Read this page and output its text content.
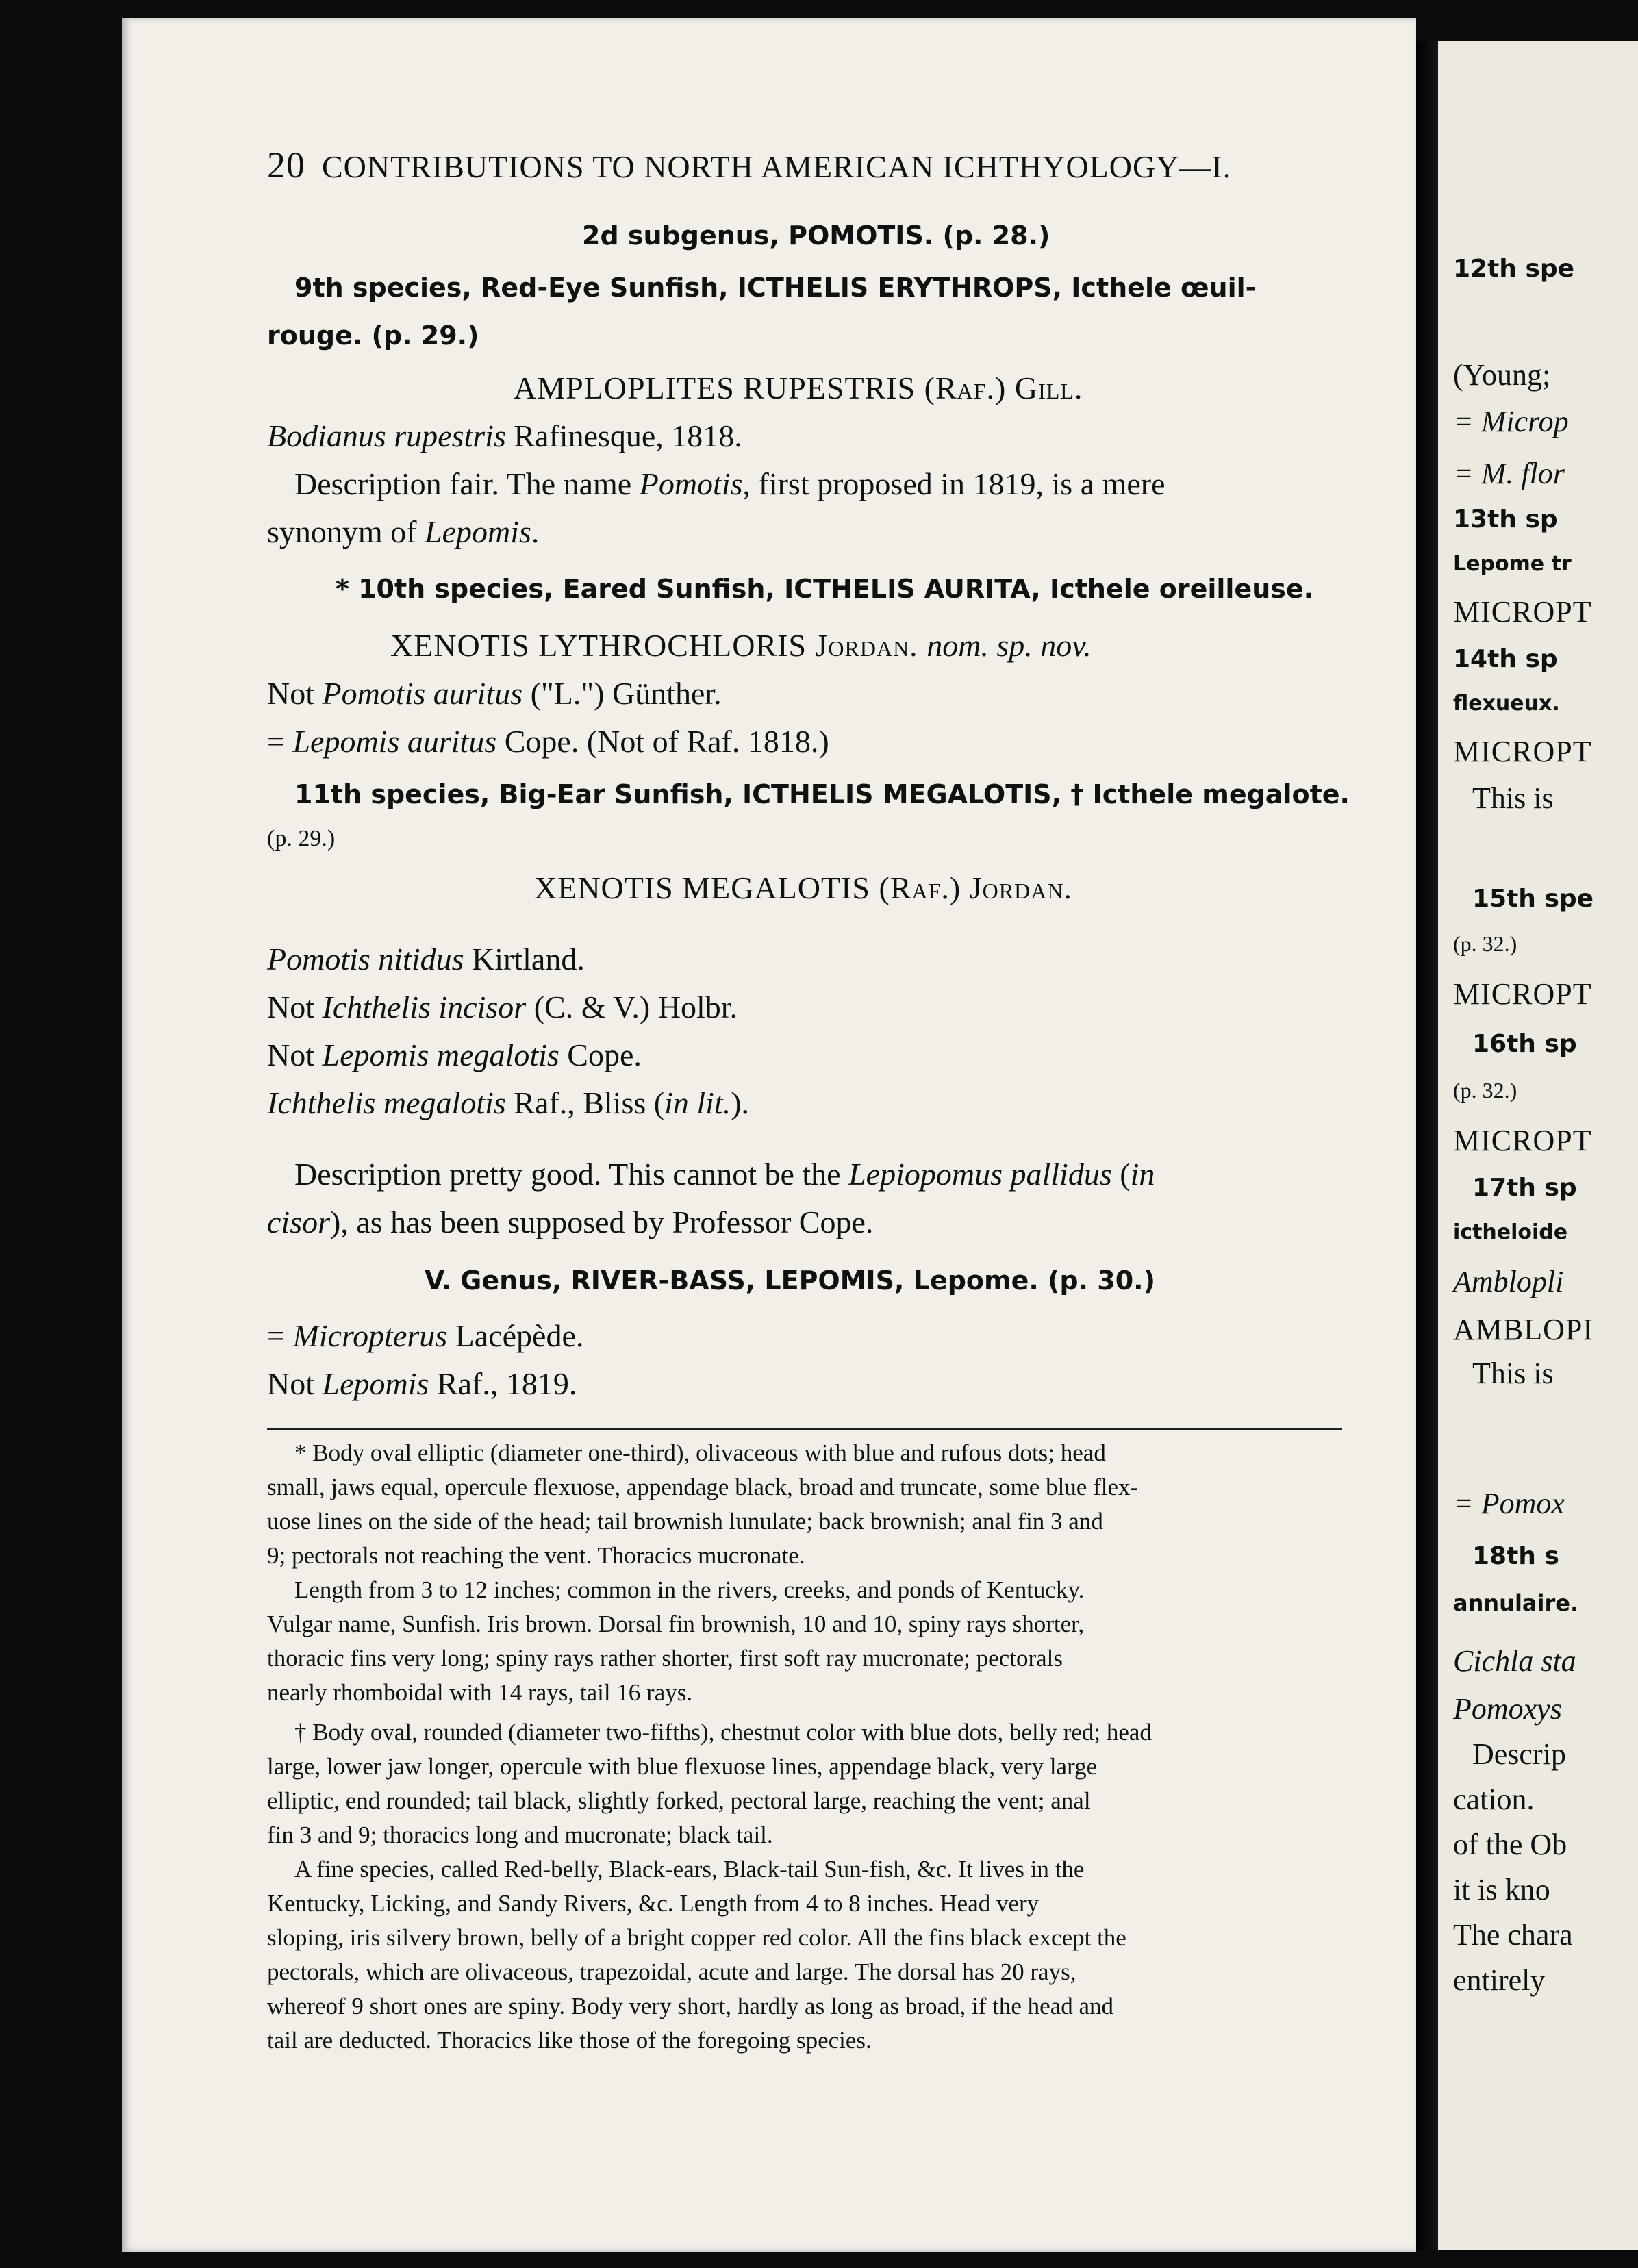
12th spe
(Young;
= Microp
= M. flor
13th sp
Lepome tr
MICROPT
14th sp
flexueux.
MICROPT
This is
15th spe
(p. 32.)
MICROPT
16th sp
(p. 32.)
MICROPT
17th sp
ictheloide
Amblopli
AMBLOPI
This is
= Pomox
18th s
annulaire.
Cichla sta
Pomoxys
Descrip
cation.
of the Ob
it is kno
The chara
entirely
20 CONTRIBUTIONS TO NORTH AMERICAN ICHTHYOLOGY—I.
2d subgenus, POMOTIS. (p. 28.)
9th species, Red-Eye Sunfish, ICTHELIS ERYTHROPS, Icthele œuil-
rouge. (p. 29.)
AMPLOPLITES RUPESTRIS (Raf.) Gill.
Bodianus rupestris Rafinesque, 1818.
Description fair. The name Pomotis, first proposed in 1819, is a mere
synonym of Lepomis.
* 10th species, Eared Sunfish, ICTHELIS AURITA, Icthele oreilleuse.
XENOTIS LYTHROCHLORIS Jordan. nom. sp. nov.
Not Pomotis auritus ("L.") Günther.
= Lepomis auritus Cope. (Not of Raf. 1818.)
11th species, Big-Ear Sunfish, ICTHELIS MEGALOTIS, † Icthele megalote.
(p. 29.)
XENOTIS MEGALOTIS (Raf.) Jordan.
Pomotis nitidus Kirtland.
Not Ichthelis incisor (C. & V.) Holbr.
Not Lepomis megalotis Cope.
Ichthelis megalotis Raf., Bliss (in lit.).
Description pretty good. This cannot be the Lepiopomus pallidus (in
cisor), as has been supposed by Professor Cope.
V. Genus, RIVER-BASS, LEPOMIS, Lepome. (p. 30.)
= Micropterus Lacépède.
Not Lepomis Raf., 1819.
* Body oval elliptic (diameter one-third), olivaceous with blue and rufous dots; head
small, jaws equal, opercule flexuose, appendage black, broad and truncate, some blue flex-
uose lines on the side of the head; tail brownish lunulate; back brownish; anal fin 3 and
9; pectorals not reaching the vent. Thoracics mucronate.
Length from 3 to 12 inches; common in the rivers, creeks, and ponds of Kentucky.
Vulgar name, Sunfish. Iris brown. Dorsal fin brownish, 10 and 10, spiny rays shorter,
thoracic fins very long; spiny rays rather shorter, first soft ray mucronate; pectorals
nearly rhomboidal with 14 rays, tail 16 rays.
† Body oval, rounded (diameter two-fifths), chestnut color with blue dots, belly red; head
large, lower jaw longer, opercule with blue flexuose lines, appendage black, very large
elliptic, end rounded; tail black, slightly forked, pectoral large, reaching the vent; anal
fin 3 and 9; thoracics long and mucronate; black tail.
A fine species, called Red-belly, Black-ears, Black-tail Sun-fish, &c. It lives in the
Kentucky, Licking, and Sandy Rivers, &c. Length from 4 to 8 inches. Head very
sloping, iris silvery brown, belly of a bright copper red color. All the fins black except the
pectorals, which are olivaceous, trapezoidal, acute and large. The dorsal has 20 rays,
whereof 9 short ones are spiny. Body very short, hardly as long as broad, if the head and
tail are deducted. Thoracics like those of the foregoing species.
